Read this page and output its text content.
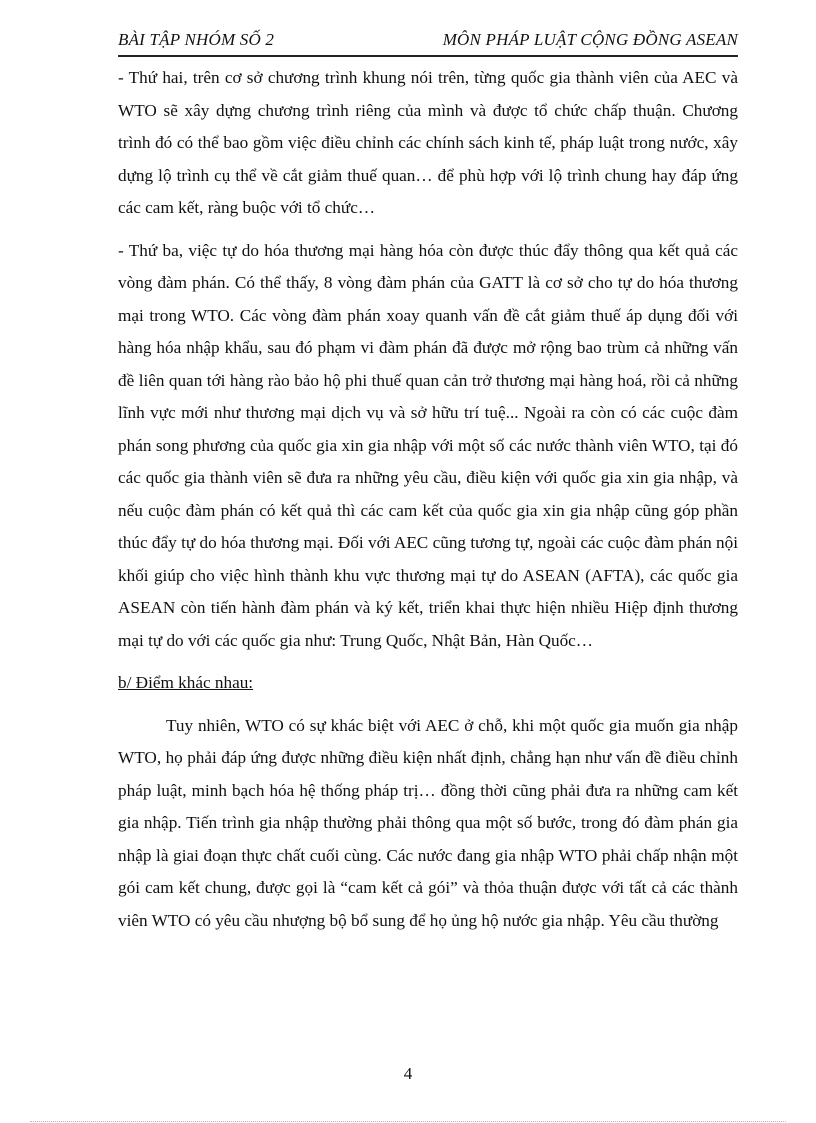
BÀI TẬP NHÓM SỐ 2	MÔN PHÁP LUẬT CỘNG ĐỒNG ASEAN

- Thứ hai, trên cơ sở chương trình khung nói trên, từng quốc gia thành viên của AEC và WTO sẽ xây dựng chương trình riêng của mình và được tổ chức chấp thuận. Chương trình đó có thể bao gồm việc điều chỉnh các chính sách kinh tế, pháp luật trong nước, xây dựng lộ trình cụ thể về cắt giảm thuế quan… để phù hợp với lộ trình chung hay đáp ứng các cam kết, ràng buộc với tổ chức…

- Thứ ba, việc tự do hóa thương mại hàng hóa còn được thúc đẩy thông qua kết quả các vòng đàm phán. Có thể thấy, 8 vòng đàm phán của GATT là cơ sở cho tự do hóa thương mại trong WTO. Các vòng đàm phán xoay quanh vấn đề cắt giảm thuế áp dụng đối với hàng hóa nhập khẩu, sau đó phạm vi đàm phán đã được mở rộng bao trùm cả những vấn đề liên quan tới hàng rào bảo hộ phi thuế quan cản trở thương mại hàng hoá, rồi cả những lĩnh vực mới như thương mại dịch vụ và sở hữu trí tuệ... Ngoài ra còn có các cuộc đàm phán song phương của quốc gia xin gia nhập với một số các nước thành viên WTO, tại đó các quốc gia thành viên sẽ đưa ra những yêu cầu, điều kiện với quốc gia xin gia nhập, và nếu cuộc đàm phán có kết quả thì các cam kết của quốc gia xin gia nhập cũng góp phần thúc đẩy tự do hóa thương mại. Đối với AEC cũng tương tự, ngoài các cuộc đàm phán nội khối giúp cho việc hình thành khu vực thương mại tự do ASEAN (AFTA), các quốc gia ASEAN còn tiến hành đàm phán và ký kết, triển khai thực hiện nhiều Hiệp định thương mại tự do với các quốc gia như: Trung Quốc, Nhật Bản, Hàn Quốc…

b/ Điểm khác nhau:

Tuy nhiên, WTO có sự khác biệt với AEC ở chỗ, khi một quốc gia muốn gia nhập WTO, họ phải đáp ứng được những điều kiện nhất định, chẳng hạn như vấn đề điều chỉnh pháp luật, minh bạch hóa hệ thống pháp trị… đồng thời cũng phải đưa ra những cam kết gia nhập. Tiến trình gia nhập thường phải thông qua một số bước, trong đó đàm phán gia nhập là giai đoạn thực chất cuối cùng. Các nước đang gia nhập WTO phải chấp nhận một gói cam kết chung, được gọi là “cam kết cả gói” và thỏa thuận được với tất cả các thành viên WTO có yêu cầu nhượng bộ bổ sung để họ ủng hộ nước gia nhập. Yêu cầu thường

4
